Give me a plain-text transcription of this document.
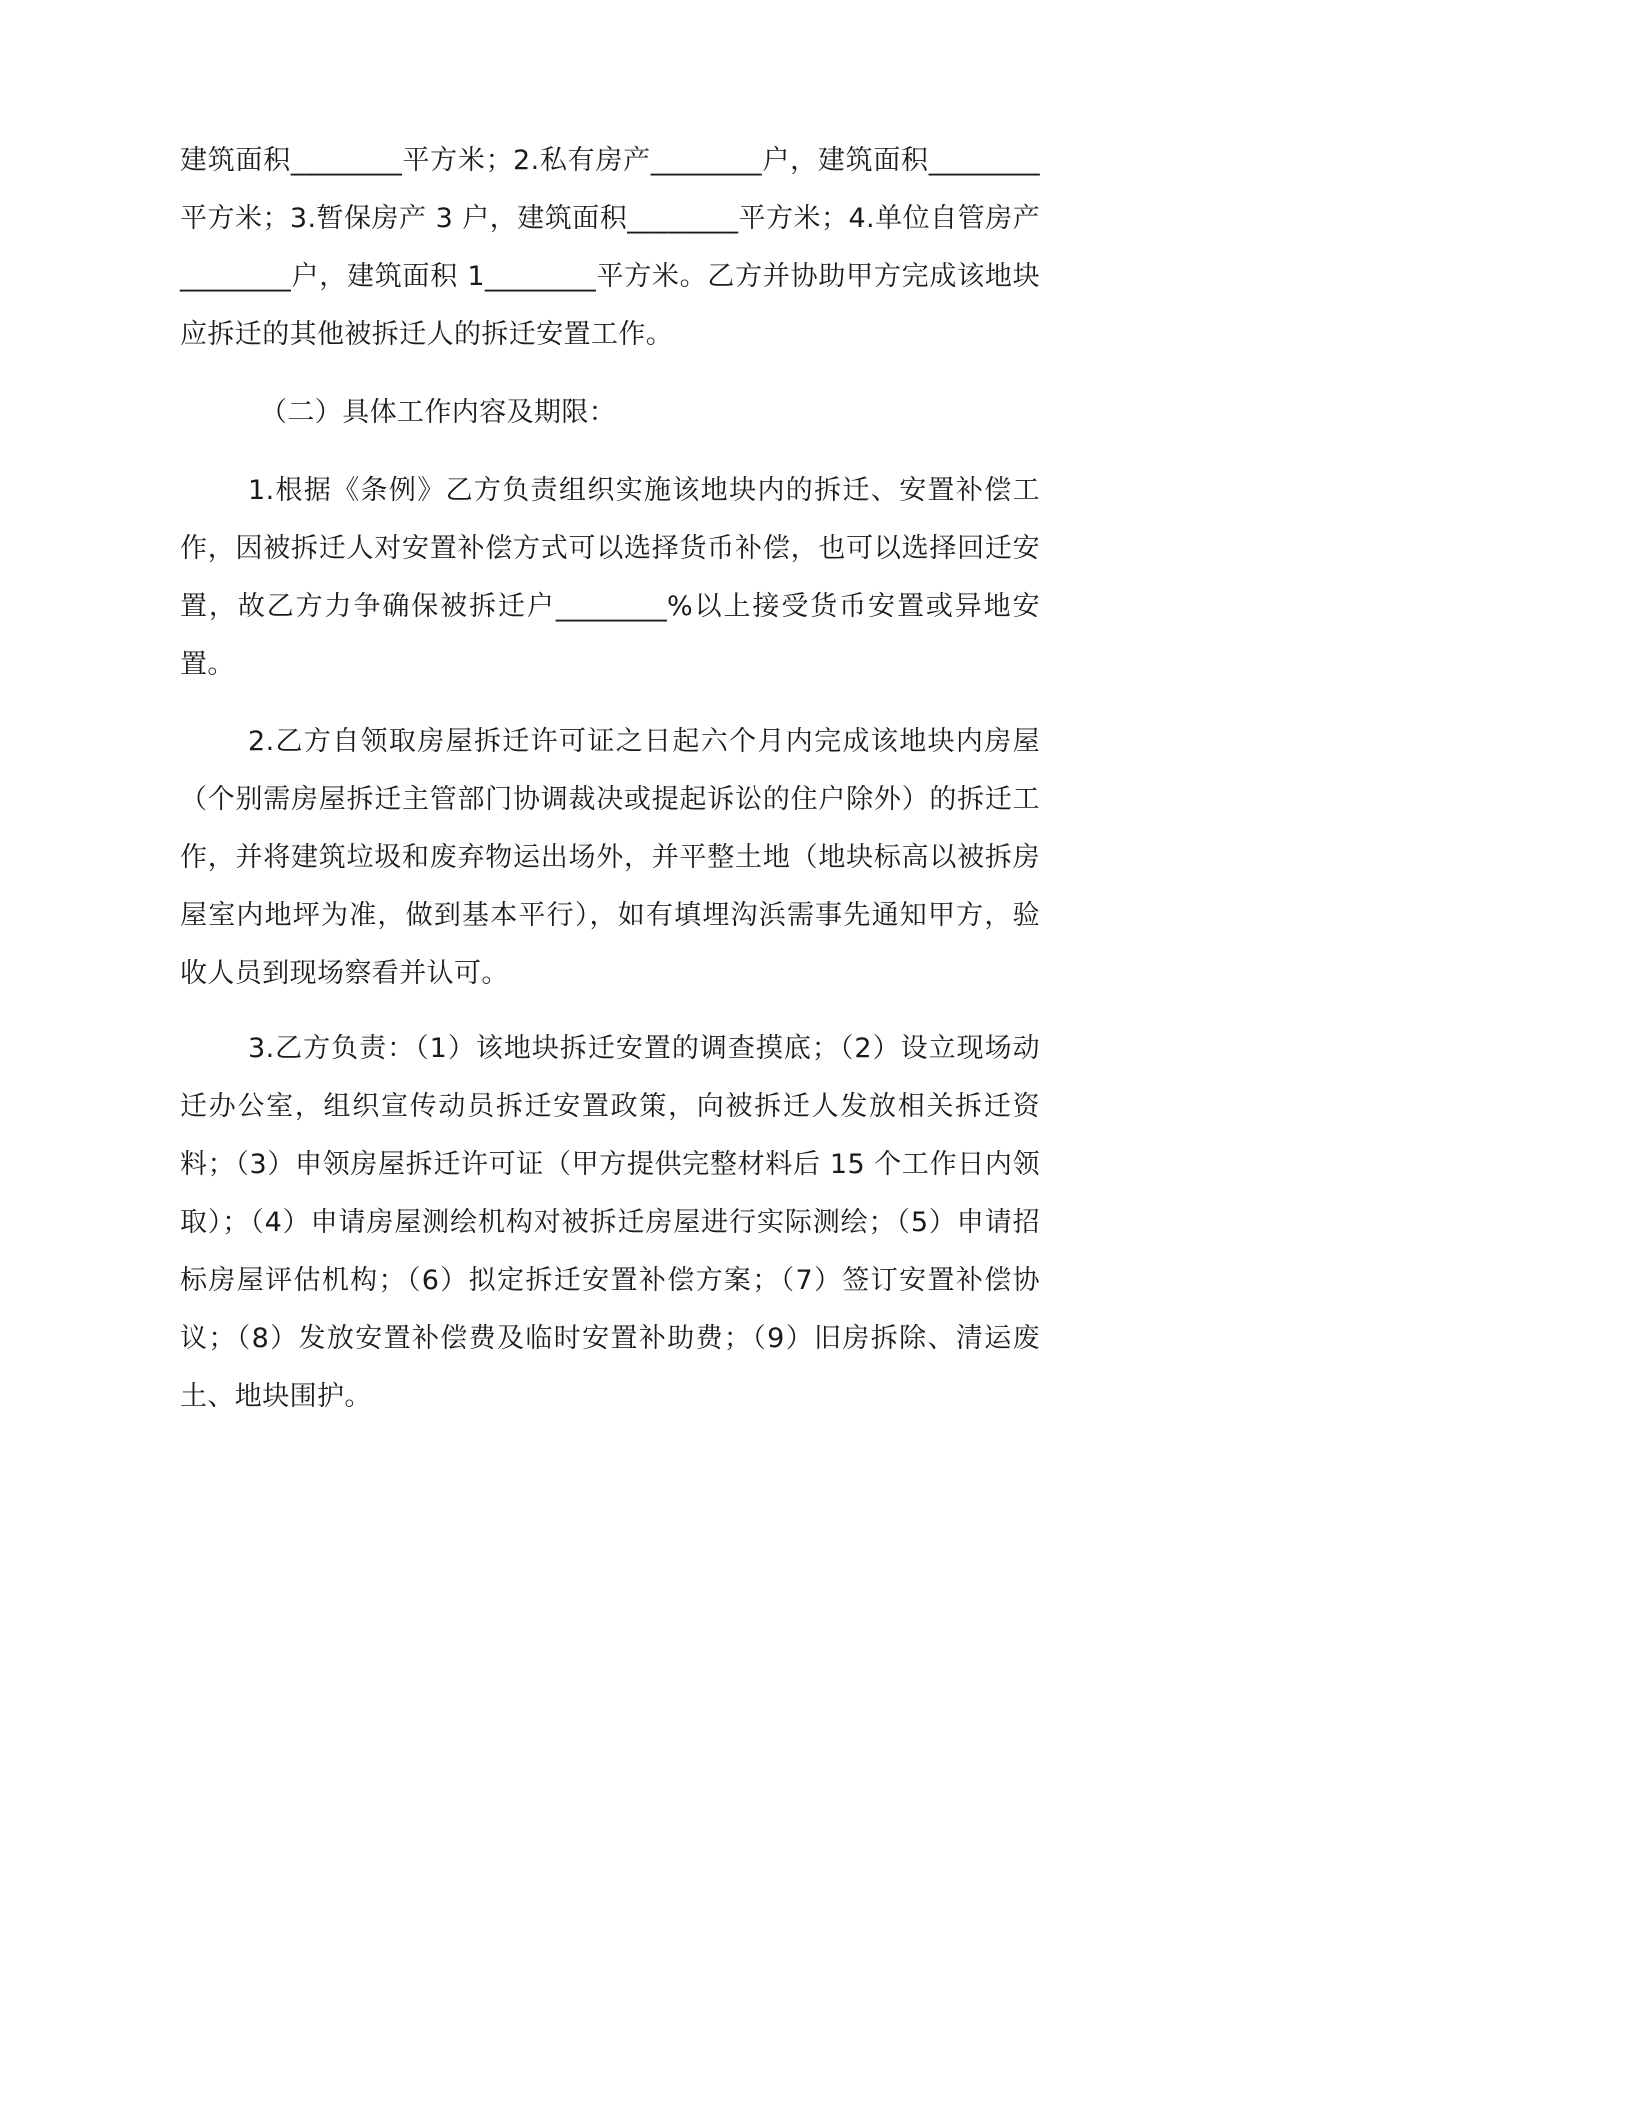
建筑面积________平方米；2.私有房产________户，建筑面积________平方米；3.暂保房产 3 户，建筑面积________平方米；4.单位自管房产________户，建筑面积 1________平方米。乙方并协助甲方完成该地块应拆迁的其他被拆迁人的拆迁安置工作。

（二）具体工作内容及期限：

1.根据《条例》乙方负责组织实施该地块内的拆迁、安置补偿工作，因被拆迁人对安置补偿方式可以选择货币补偿，也可以选择回迁安置，故乙方力争确保被拆迁户________%以上接受货币安置或异地安置。

2.乙方自领取房屋拆迁许可证之日起六个月内完成该地块内房屋（个别需房屋拆迁主管部门协调裁决或提起诉讼的住户除外）的拆迁工作，并将建筑垃圾和废弃物运出场外，并平整土地（地块标高以被拆房屋室内地坪为准，做到基本平行），如有填埋沟浜需事先通知甲方，验收人员到现场察看并认可。

3.乙方负责：（1）该地块拆迁安置的调查摸底；（2）设立现场动迁办公室，组织宣传动员拆迁安置政策，向被拆迁人发放相关拆迁资料；（3）申领房屋拆迁许可证（甲方提供完整材料后 15 个工作日内领取）；（4）申请房屋测绘机构对被拆迁房屋进行实际测绘；（5）申请招标房屋评估机构；（6）拟定拆迁安置补偿方案；（7）签订安置补偿协议；（8）发放安置补偿费及临时安置补助费；（9）旧房拆除、清运废土、地块围护。
